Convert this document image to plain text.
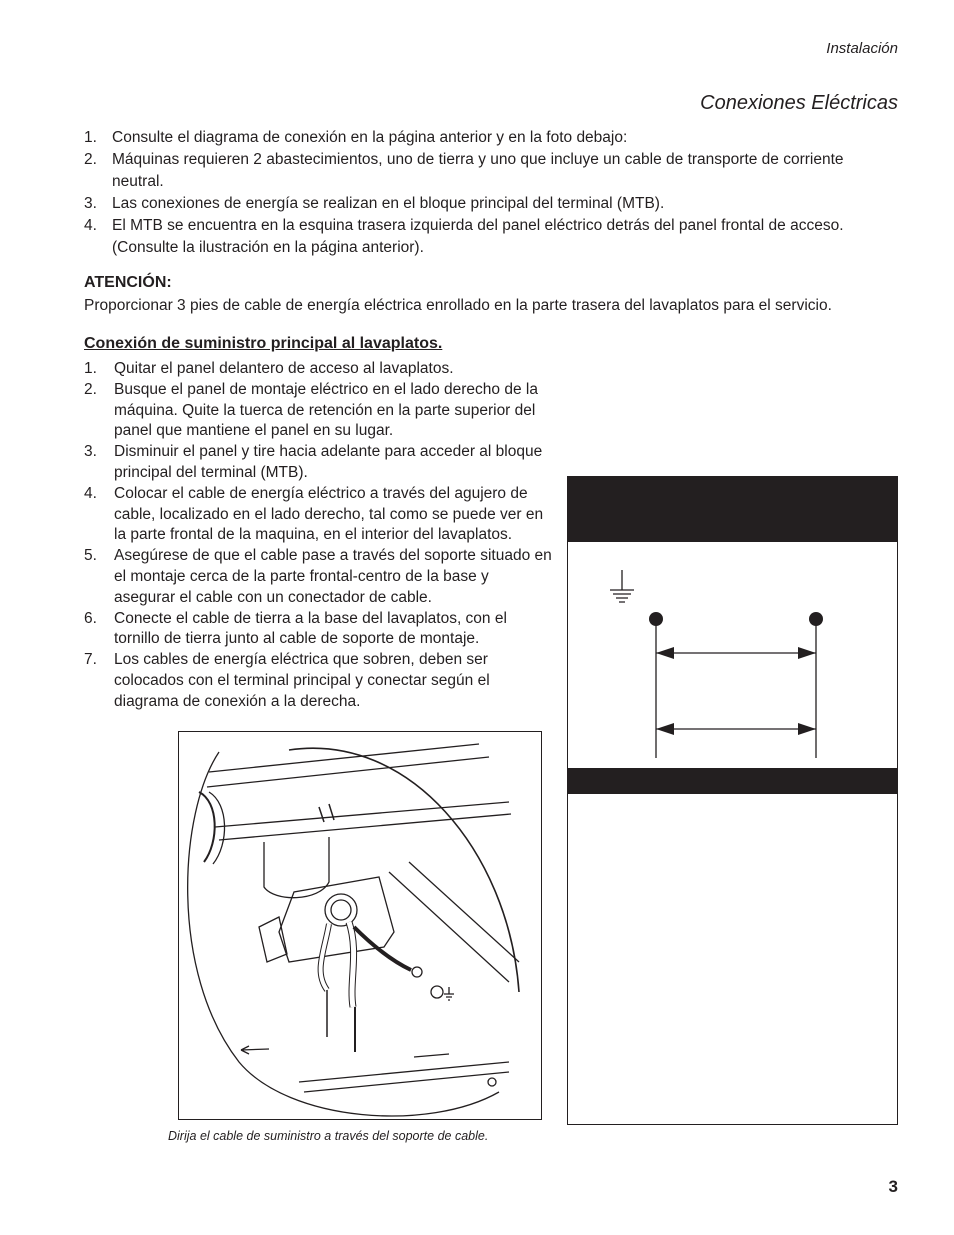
Instalación
Conexiones Eléctricas
1. Consulte el diagrama de conexión en la página anterior y en la foto debajo:
2. Máquinas requieren 2 abastecimientos, uno de tierra y uno que incluye un cable de transporte de corriente neutral.
3. Las conexiones de energía se realizan en el bloque principal del terminal (MTB).
4. El MTB se encuentra en la esquina trasera izquierda del panel eléctrico detrás del panel frontal de acceso. (Consulte la ilustración en la página anterior).
ATENCIÓN:
Proporcionar 3 pies de cable de energía eléctrica enrollado en la parte trasera del lavaplatos para el servicio.
Conexión de suministro principal al lavaplatos.
1. Quitar el panel delantero de acceso al lavaplatos.
2. Busque el panel de montaje eléctrico en el lado derecho de la máquina. Quite la tuerca de retención en la parte superior del panel que mantiene el panel en su lugar.
3. Disminuir el panel y tire hacia adelante para acceder al bloque principal del terminal (MTB).
4. Colocar el cable de energía eléctrico a través del agujero de cable, localizado en el lado derecho, tal como se puede ver en la parte frontal de la maquina, en el interior del lavaplatos.
5. Asegúrese de que el cable pase a través del soporte situado en el montaje cerca de la parte frontal-centro de la base y asegurar el cable con un conectador de cable.
6. Conecte el cable de tierra a la base del lavaplatos, con el tornillo de tierra junto al cable de soporte de montaje.
7. Los cables de energía eléctrica que sobren, deben ser colocados con el terminal principal y conectar según el diagrama de conexión a la derecha.
Dirija el cable de suministro a través del soporte de cable.
3
